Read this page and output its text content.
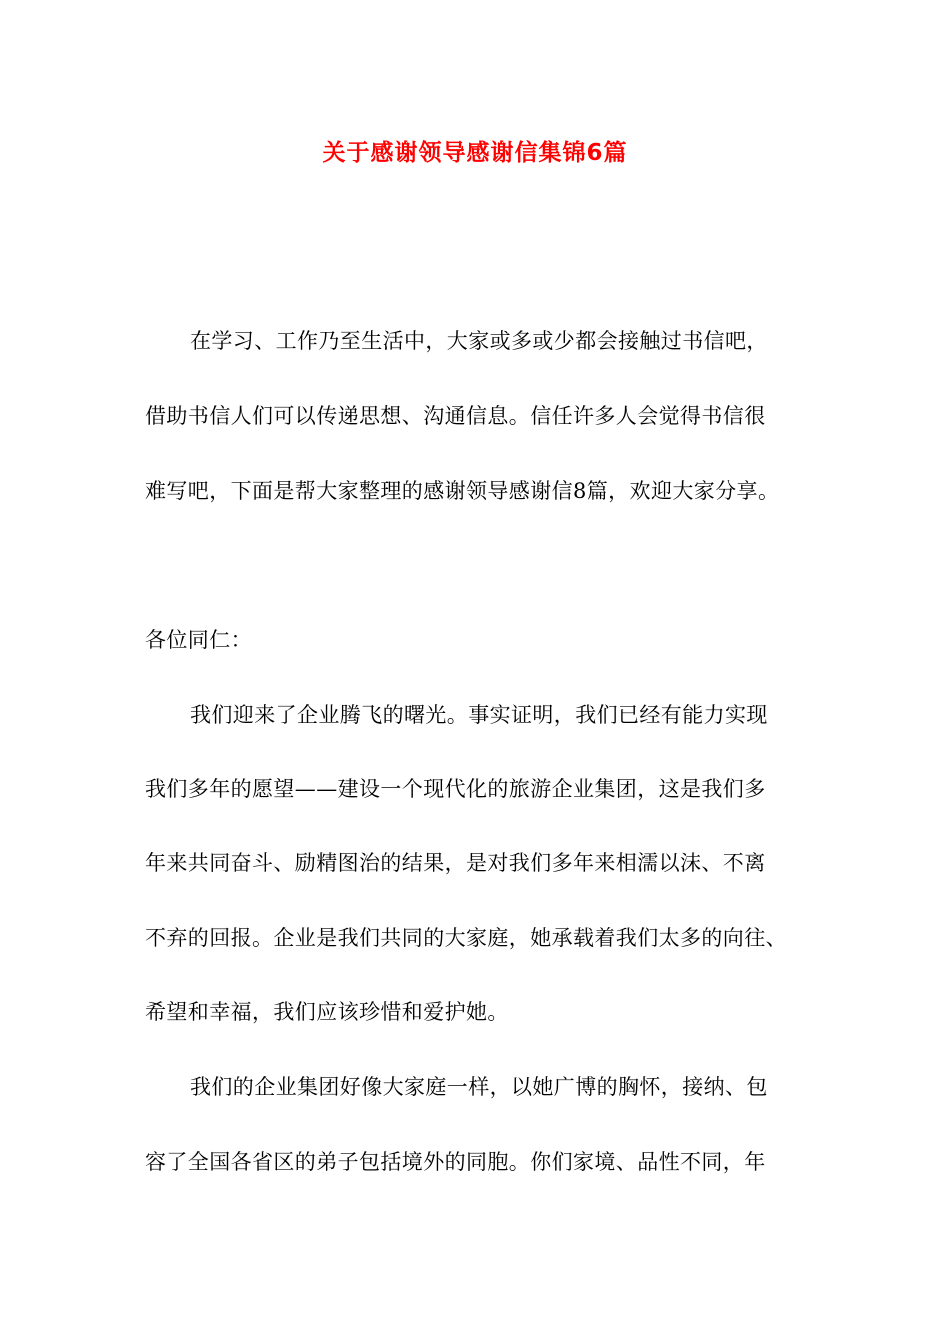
关于感谢领导感谢信集锦6篇

在学习、工作乃至生活中，大家或多或少都会接触过书信吧，

借助书信人们可以传递思想、沟通信息。信任许多人会觉得书信很

难写吧，下面是帮大家整理的感谢领导感谢信8篇，欢迎大家分享。

各位同仁：

我们迎来了企业腾飞的曙光。事实证明，我们已经有能力实现

我们多年的愿望——建设一个现代化的旅游企业集团，这是我们多

年来共同奋斗、励精图治的结果，是对我们多年来相濡以沫、不离

不弃的回报。企业是我们共同的大家庭，她承载着我们太多的向往、

希望和幸福，我们应该珍惜和爱护她。

我们的企业集团好像大家庭一样，以她广博的胸怀，接纳、包

容了全国各省区的弟子包括境外的同胞。你们家境、品性不同，年
